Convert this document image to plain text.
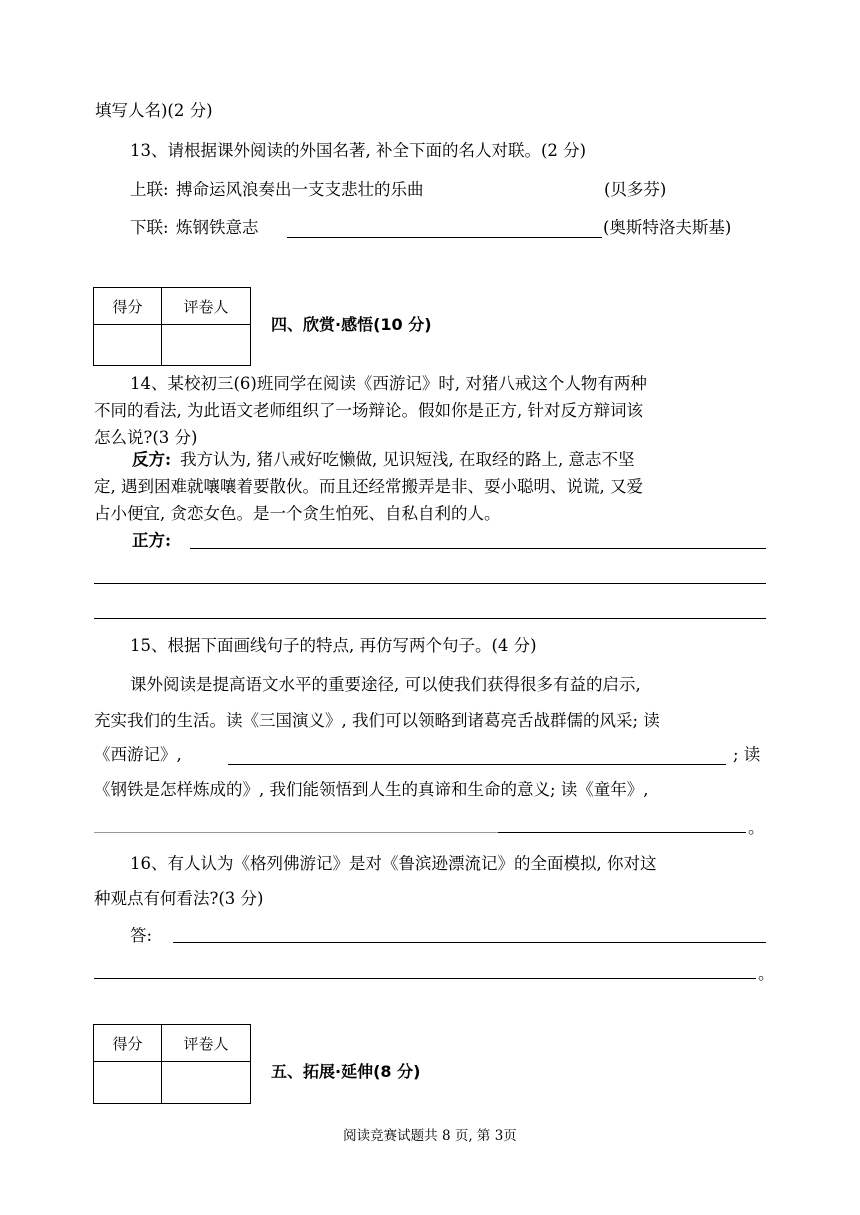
填写人名)(2 分)
13、请根据课外阅读的外国名著, 补全下面的名人对联。(2 分)
上联: 搏命运风浪奏出一支支悲壮的乐曲	(贝多芬)
下联: 炼钢铁意志	(奥斯特洛夫斯基)
得分	评卷人

四、欣赏·感悟(10 分)
14、某校初三(6)班同学在阅读《西游记》时, 对猪八戒这个人物有两种
不同的看法, 为此语文老师组织了一场辩论。假如你是正方, 针对反方辩词该
怎么说?(3 分)
反方: 我方认为, 猪八戒好吃懒做, 见识短浅, 在取经的路上, 意志不坚
定, 遇到困难就嚷嚷着要散伙。而且还经常搬弄是非、耍小聪明、说谎, 又爱
占小便宜, 贪恋女色。是一个贪生怕死、自私自利的人。
正方:
15、根据下面画线句子的特点, 再仿写两个句子。(4 分)
课外阅读是提高语文水平的重要途径, 可以使我们获得很多有益的启示,
充实我们的生活。读《三国演义》, 我们可以领略到诸葛亮舌战群儒的风采; 读
《西游记》,	; 读
《钢铁是怎样炼成的》, 我们能领悟到人生的真谛和生命的意义; 读《童年》,
。
16、有人认为《格列佛游记》是对《鲁滨逊漂流记》的全面模拟, 你对这
种观点有何看法?(3 分)
答:
。
得分	评卷人

五、拓展·延伸(8 分)
阅读竞赛试题共 8 页, 第 3页
